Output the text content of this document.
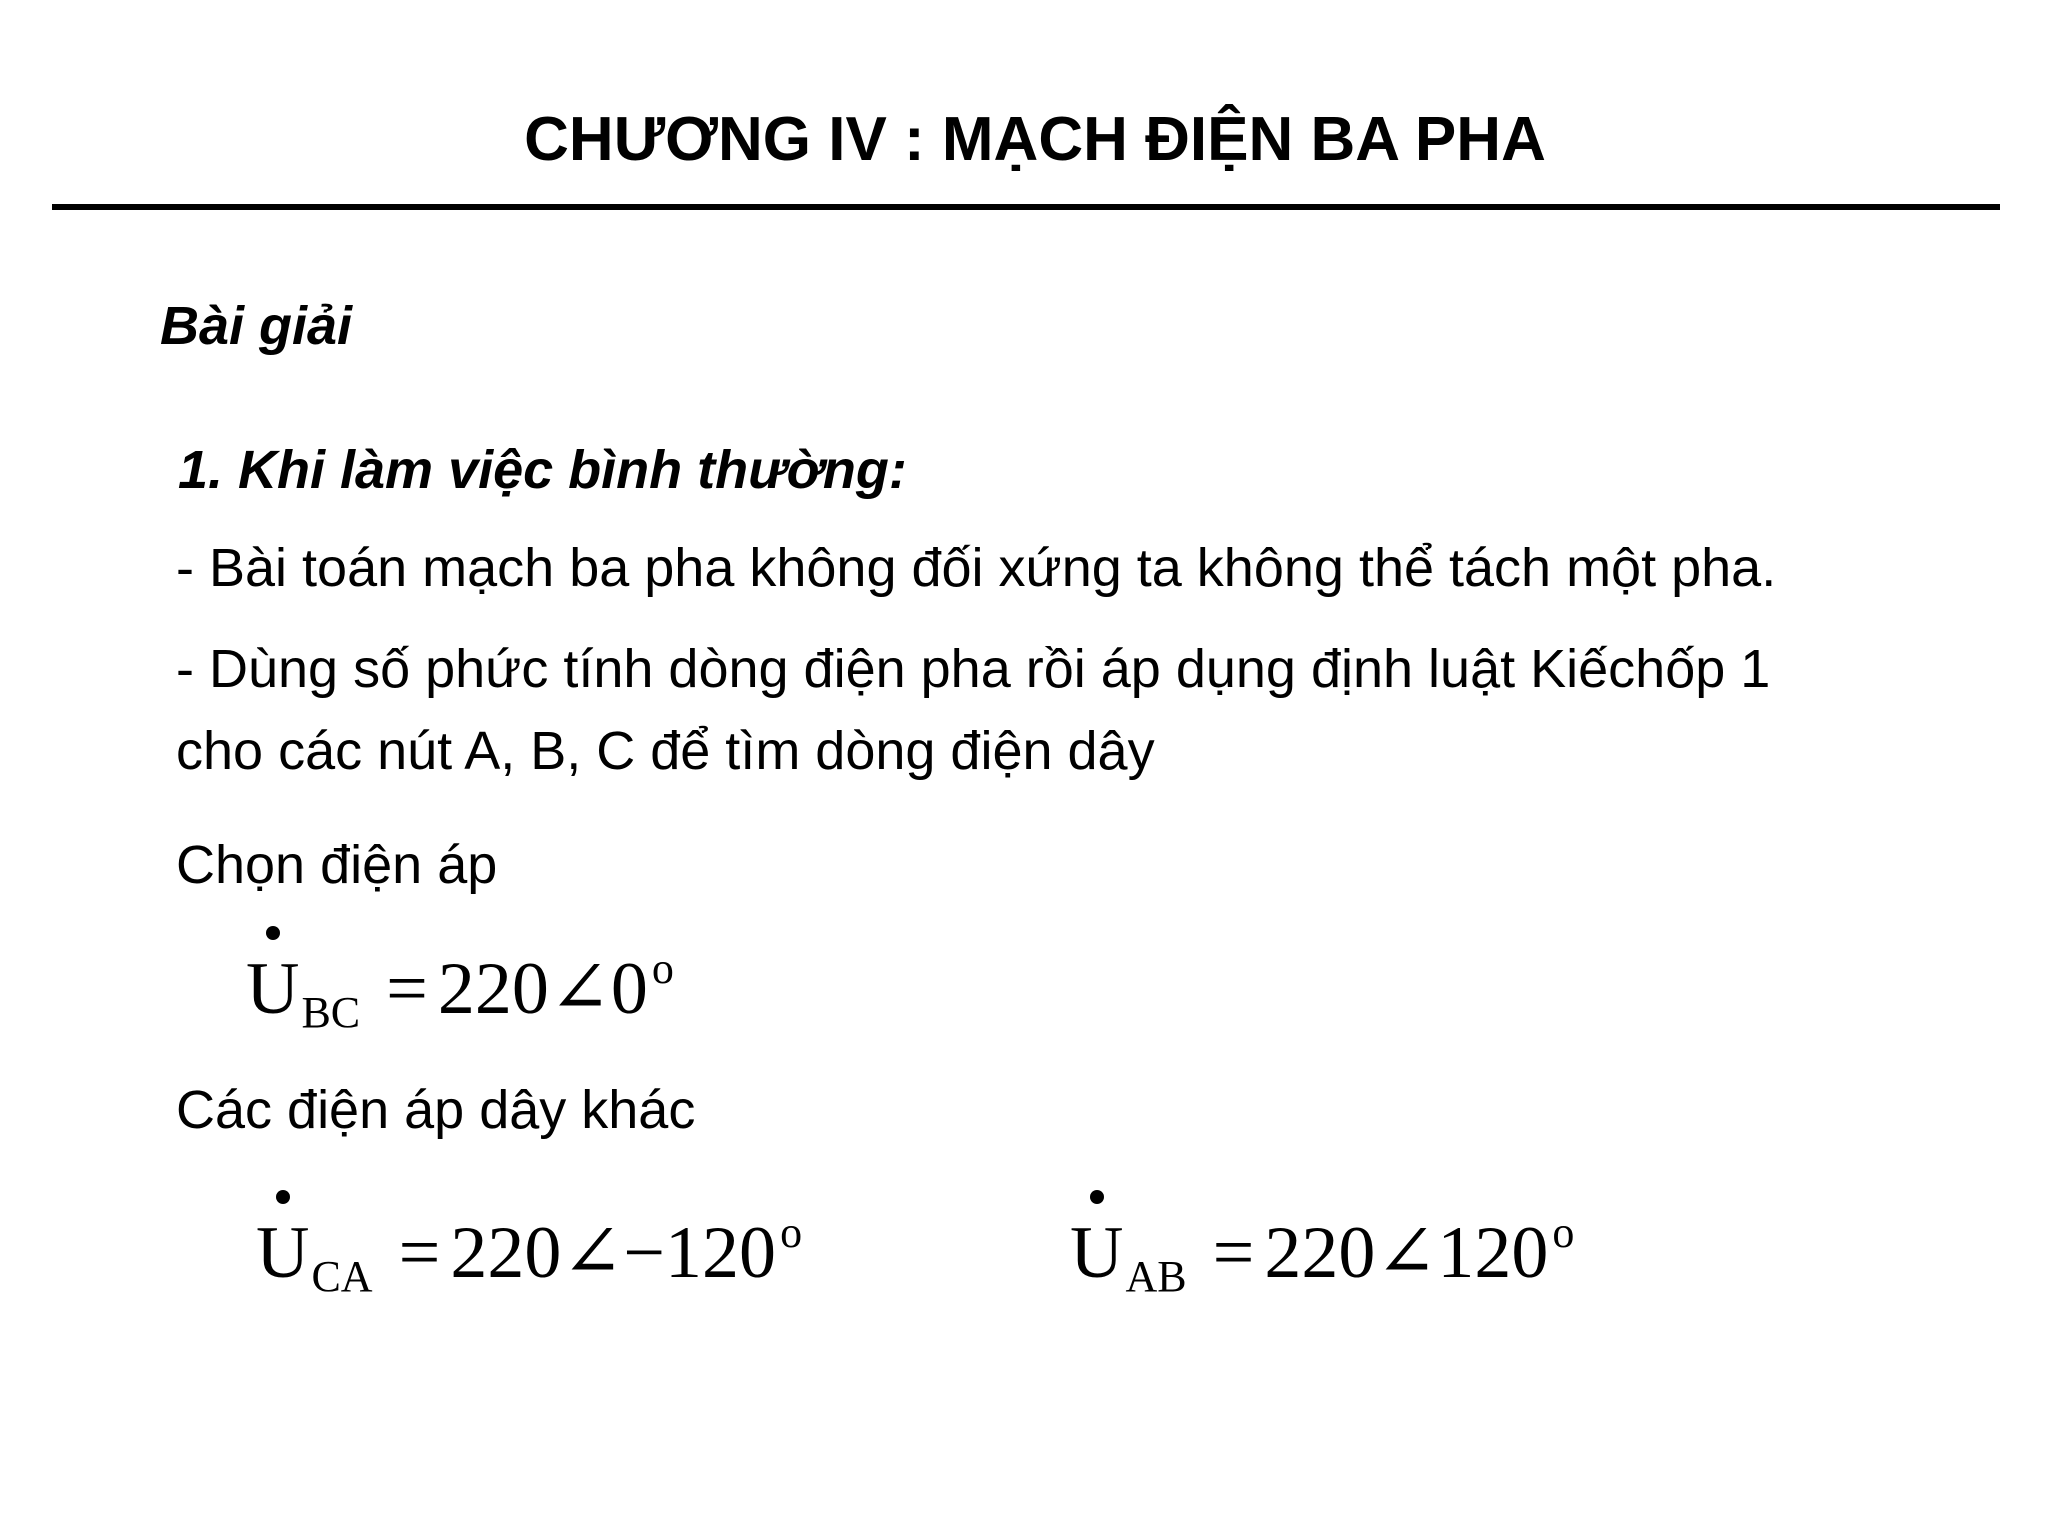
CHƯƠNG IV : MẠCH ĐIỆN BA PHA
Bài giải
1. Khi làm việc bình thường:
- Bài toán mạch ba pha không đối xứng ta không thể tách một pha.
- Dùng số phức tính dòng điện pha rồi áp dụng định luật Kiếchốp 1
cho các nút A, B, C để tìm dòng điện dây
Chọn điện áp
UBC = $220\angle 0^o$
Các điện áp dây khác
UCA = $220\angle-120^o$	UAB = $220\angle 120^o$
